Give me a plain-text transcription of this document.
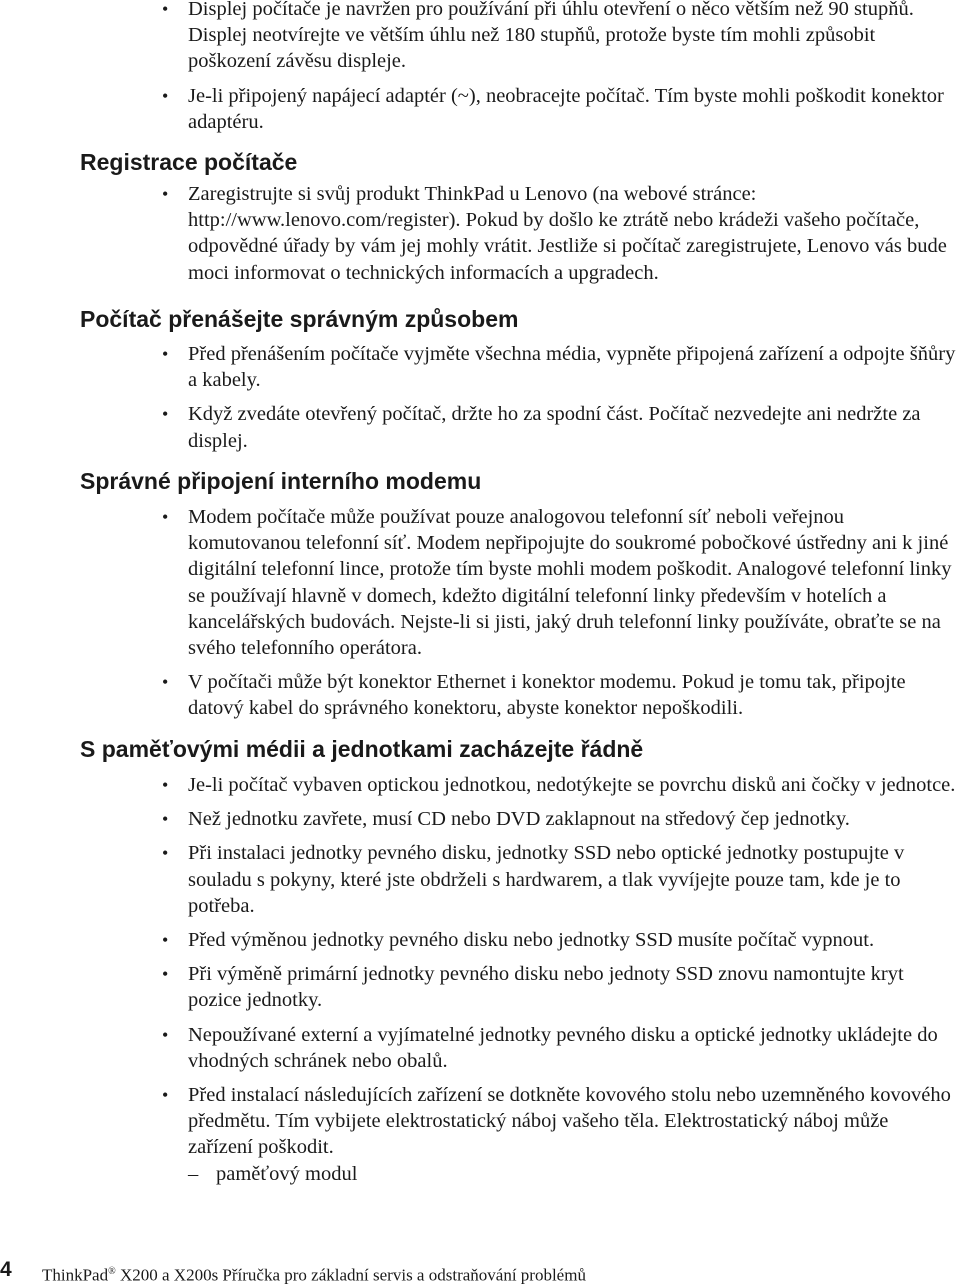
• Displej počítače je navržen pro používání při úhlu otevření o něco větším než 90 stupňů. Displej neotvírejte ve větším úhlu než 180 stupňů, protože byste tím mohli způsobit poškození závěsu displeje.
• Je-li připojený napájecí adaptér (~), neobracejte počítač. Tím byste mohli poškodit konektor adaptéru.
Registrace počítače
• Zaregistrujte si svůj produkt ThinkPad u Lenovo (na webové stránce: http://www.lenovo.com/register). Pokud by došlo ke ztrátě nebo krádeži vašeho počítače, odpovědné úřady by vám jej mohly vrátit. Jestliže si počítač zaregistrujete, Lenovo vás bude moci informovat o technických informacích a upgradech.
Počítač přenášejte správným způsobem
• Před přenášením počítače vyjměte všechna média, vypněte připojená zařízení a odpojte šňůry a kabely.
• Když zvedáte otevřený počítač, držte ho za spodní část. Počítač nezvedejte ani nedržte za displej.
Správné připojení interního modemu
• Modem počítače může používat pouze analogovou telefonní síť neboli veřejnou komutovanou telefonní síť. Modem nepřipojujte do soukromé pobočkové ústředny ani k jiné digitální telefonní lince, protože tím byste mohli modem poškodit. Analogové telefonní linky se používají hlavně v domech, kdežto digitální telefonní linky především v hotelích a kancelářských budovách. Nejste-li si jisti, jaký druh telefonní linky používáte, obraťte se na svého telefonního operátora.
• V počítači může být konektor Ethernet i konektor modemu. Pokud je tomu tak, připojte datový kabel do správného konektoru, abyste konektor nepoškodili.
S paměťovými médii a jednotkami zacházejte řádně
• Je-li počítač vybaven optickou jednotkou, nedotýkejte se povrchu disků ani čočky v jednotce.
• Než jednotku zavřete, musí CD nebo DVD zaklapnout na středový čep jednotky.
• Při instalaci jednotky pevného disku, jednotky SSD nebo optické jednotky postupujte v souladu s pokyny, které jste obdrželi s hardwarem, a tlak vyvíjejte pouze tam, kde je to potřeba.
• Před výměnou jednotky pevného disku nebo jednotky SSD musíte počítač vypnout.
• Při výměně primární jednotky pevného disku nebo jednoty SSD znovu namontujte kryt pozice jednotky.
• Nepoužívané externí a vyjímatelné jednotky pevného disku a optické jednotky ukládejte do vhodných schránek nebo obalů.
• Před instalací následujících zařízení se dotkněte kovového stolu nebo uzemněného kovového předmětu. Tím vybijete elektrostatický náboj vašeho těla. Elektrostatický náboj může zařízení poškodit.
– paměťový modul
4 ThinkPad® X200 a X200s Příručka pro základní servis a odstraňování problémů
